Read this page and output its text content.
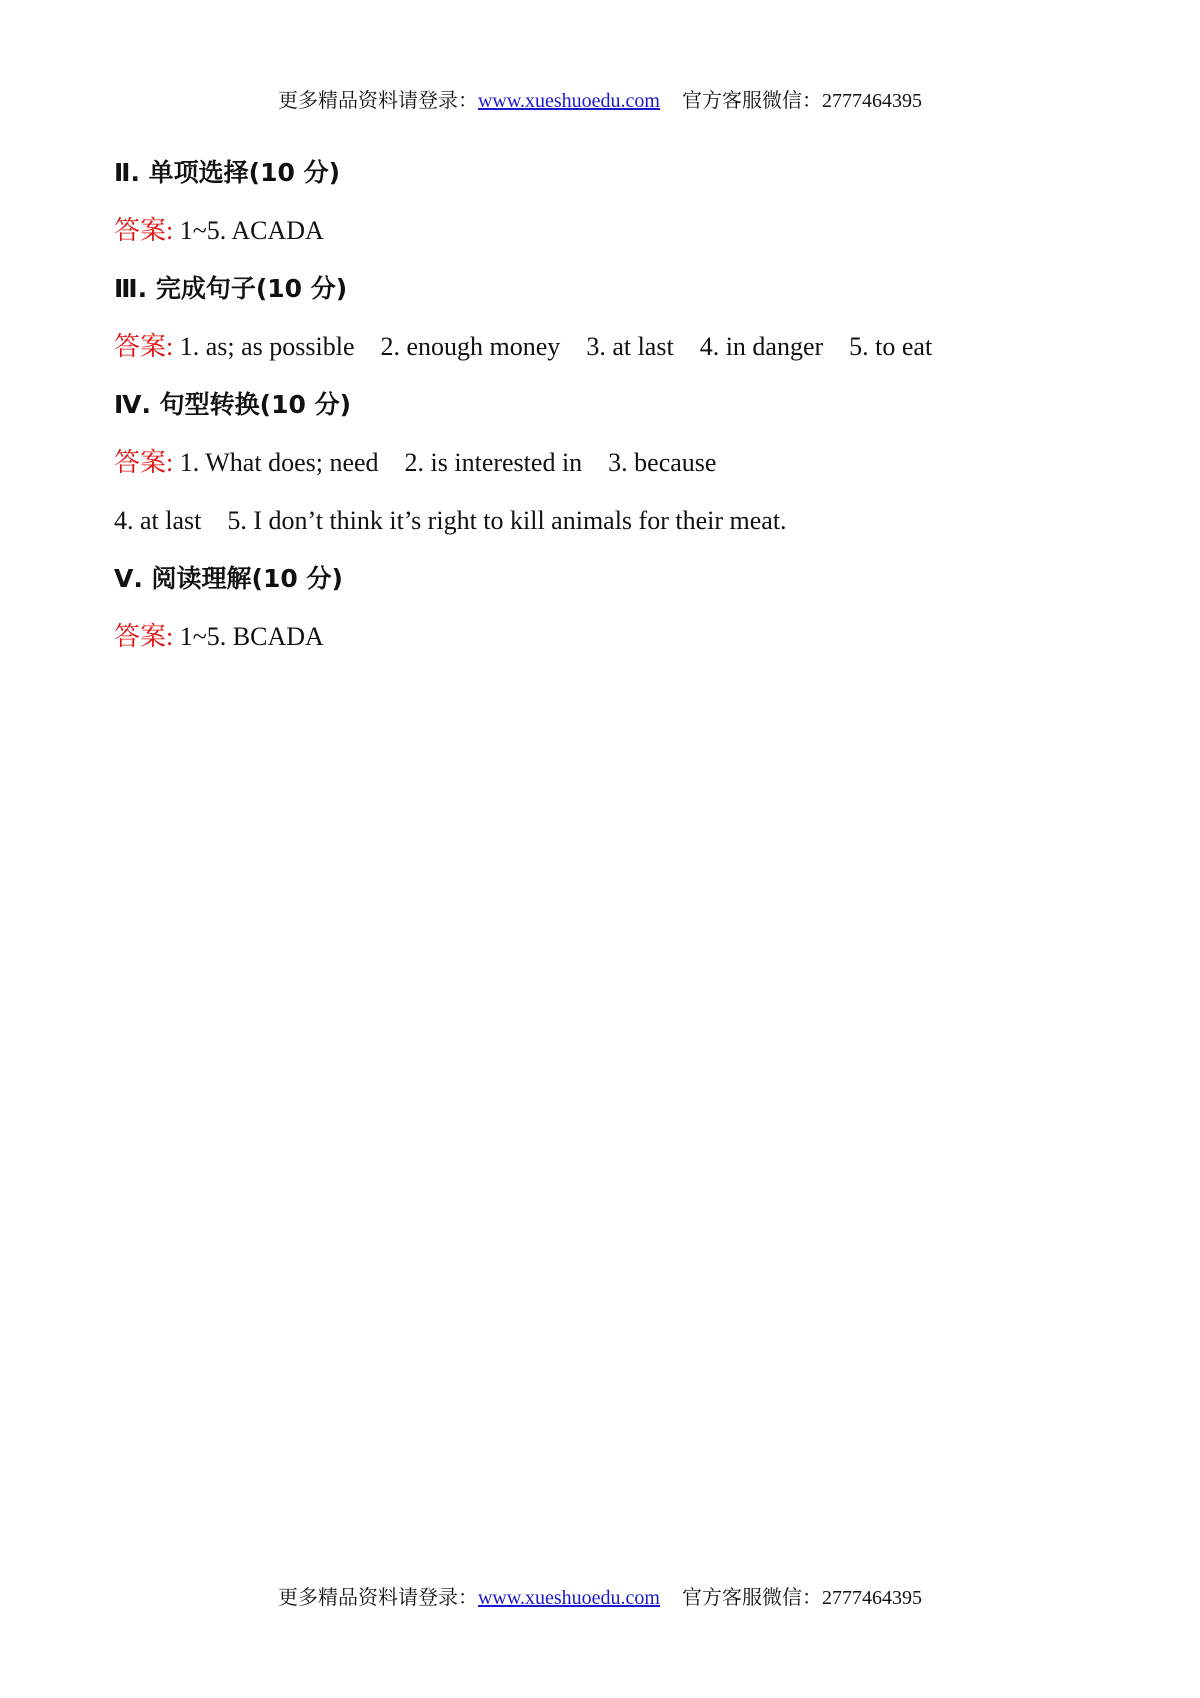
更多精品资料请登录：www.xueshuoedu.com 官方客服微信：2777464395
Ⅱ. 单项选择(10 分)
答案: 1~5. ACADA
Ⅲ. 完成句子(10 分)
答案: 1. as; as possible 2. enough money 3. at last 4. in danger 5. to eat
Ⅳ. 句型转换(10 分)
答案: 1. What does; need 2. is interested in 3. because
4. at last 5. I don’t think it’s right to kill animals for their meat.
Ⅴ. 阅读理解(10 分)
答案: 1~5. BCADA
更多精品资料请登录：www.xueshuoedu.com 官方客服微信：2777464395
